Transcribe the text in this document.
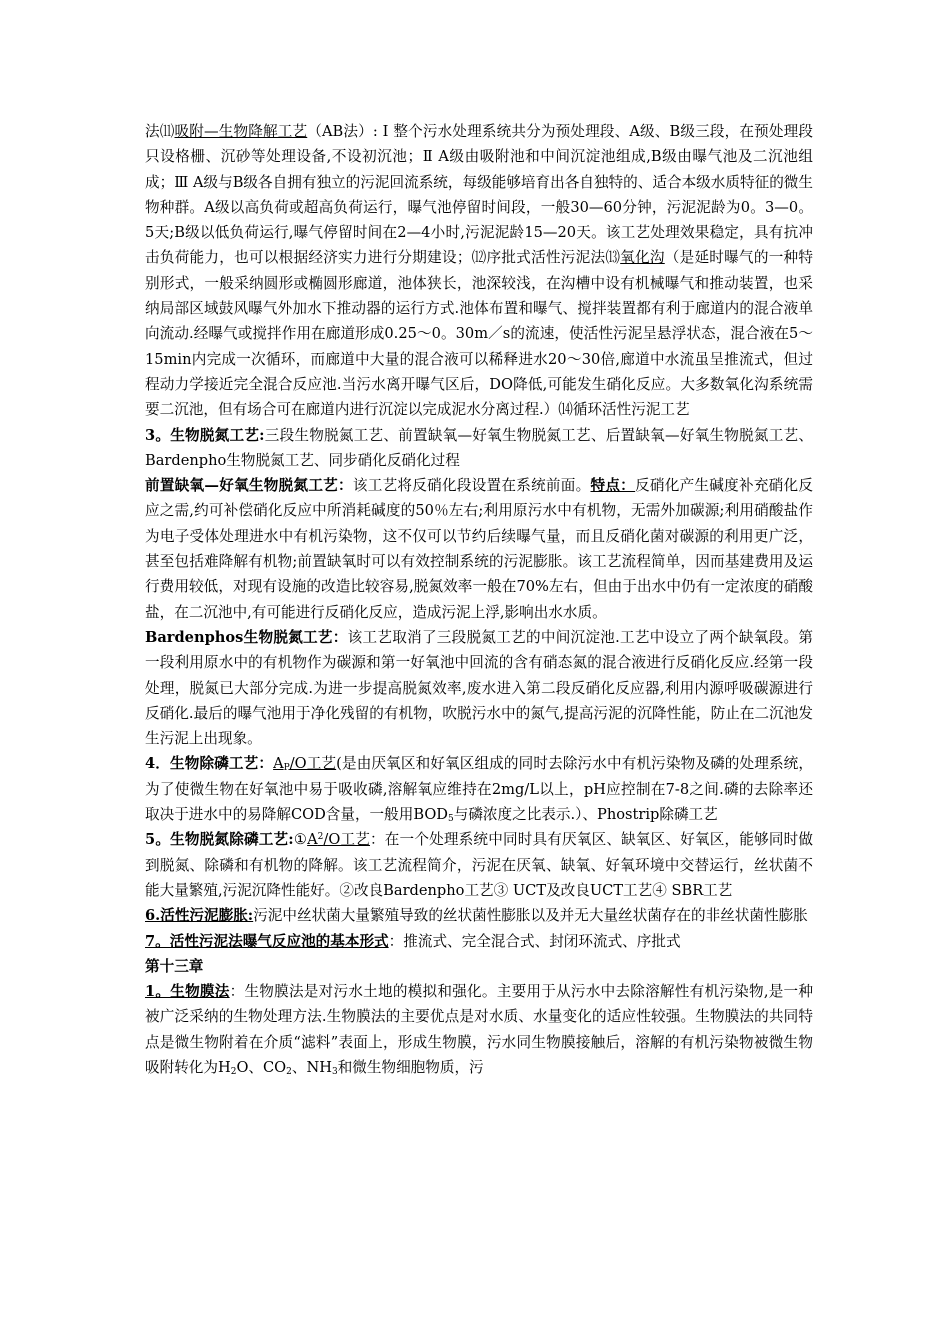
法⑾吸附—生物降解工艺（AB法）: Ⅰ 整个污水处理系统共分为预处理段、A级、B级三段，在预处理段只设格栅、沉砂等处理设备,不设初沉池；Ⅱ A级由吸附池和中间沉淀池组成,B级由曝气池及二沉池组成；Ⅲ A级与B级各自拥有独立的污泥回流系统，每级能够培育出各自独特的、适合本级水质特征的微生物种群。A级以高负荷或超高负荷运行，曝气池停留时间段，一般30—60分钟，污泥泥龄为0。3—0。5天;B级以低负荷运行,曝气停留时间在2—4小时,污泥泥龄15—20天。该工艺处理效果稳定，具有抗冲击负荷能力，也可以根据经济实力进行分期建设；⑿序批式活性污泥法⒀氧化沟（是延时曝气的一种特别形式，一般采纳圆形或椭圆形廊道，池体狭长，池深较浅，在沟槽中设有机械曝气和推动装置，也采纳局部区域鼓风曝气外加水下推动器的运行方式.池体布置和曝气、搅拌装置都有利于廊道内的混合液单向流动.经曝气或搅拌作用在廊道形成0.25～0。30m／s的流速，使活性污泥呈悬浮状态，混合液在5～15min内完成一次循环，而廊道中大量的混合液可以稀释进水20～30倍,廊道中水流虽呈推流式，但过程动力学接近完全混合反应池.当污水离开曝气区后，DO降低,可能发生硝化反应。大多数氧化沟系统需要二沉池，但有场合可在廊道内进行沉淀以完成泥水分离过程.）⒁循环活性污泥工艺

3。生物脱氮工艺:三段生物脱氮工艺、前置缺氧—好氧生物脱氮工艺、后置缺氧—好氧生物脱氮工艺、Bardenpho生物脱氮工艺、同步硝化反硝化过程

前置缺氧—好氧生物脱氮工艺：该工艺将反硝化段设置在系统前面。特点：反硝化产生碱度补充硝化反应之需,约可补偿硝化反应中所消耗碱度的50％左右;利用原污水中有机物，无需外加碳源;利用硝酸盐作为电子受体处理进水中有机污染物，这不仅可以节约后续曝气量，而且反硝化菌对碳源的利用更广泛，甚至包括难降解有机物;前置缺氧时可以有效控制系统的污泥膨胀。该工艺流程简单，因而基建费用及运行费用较低，对现有设施的改造比较容易,脱氮效率一般在70%左右，但由于出水中仍有一定浓度的硝酸盐，在二沉池中,有可能进行反硝化反应，造成污泥上浮,影响出水水质。

Bardenphos生物脱氮工艺：该工艺取消了三段脱氮工艺的中间沉淀池.工艺中设立了两个缺氧段。第一段利用原水中的有机物作为碳源和第一好氧池中回流的含有硝态氮的混合液进行反硝化反应.经第一段处理，脱氮已大部分完成.为进一步提高脱氮效率,废水进入第二段反硝化反应器,利用内源呼吸碳源进行反硝化.最后的曝气池用于净化残留的有机物，吹脱污水中的氮气,提高污泥的沉降性能，防止在二沉池发生污泥上出现象。

4．生物除磷工艺：$A_P/O$工艺(是由厌氧区和好氧区组成的同时去除污水中有机污染物及磷的处理系统，为了使微生物在好氧池中易于吸收磷,溶解氧应维持在2mg/L以上，pH应控制在7-8之间.磷的去除率还取决于进水中的易降解COD含量，一般用$BOD_5$与磷浓度之比表示.）、Phostrip除磷工艺

5。生物脱氮除磷工艺$:①A^2/O$工艺：在一个处理系统中同时具有厌氧区、缺氧区、好氧区，能够同时做到脱氮、除磷和有机物的降解。该工艺流程简介，污泥在厌氧、缺氧、好氧环境中交替运行，丝状菌不能大量繁殖,污泥沉降性能好。②改良Bardenpho工艺③ UCT及改良UCT工艺④ SBR工艺

6.活性污泥膨胀:污泥中丝状菌大量繁殖导致的丝状菌性膨胀以及并无大量丝状菌存在的非丝状菌性膨胀

7。活性污泥法曝气反应池的基本形式：推流式、完全混合式、封闭环流式、序批式

第十三章

1。生物膜法：生物膜法是对污水土地的模拟和强化。主要用于从污水中去除溶解性有机污染物,是一种被广泛采纳的生物处理方法.生物膜法的主要优点是对水质、水量变化的适应性较强。生物膜法的共同特点是微生物附着在介质“滤料”表面上，形成生物膜，污水同生物膜接触后，溶解的有机污染物被微生物吸附转化为$H_2O$、$CO_2$、$NH_3$和微生物细胞物质，污
